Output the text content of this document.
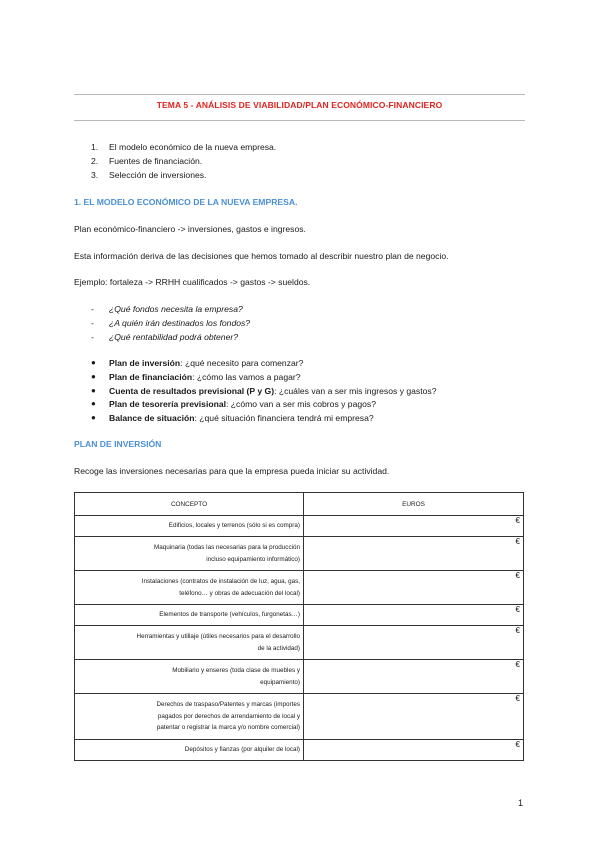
TEMA 5 - ANÁLISIS DE VIABILIDAD/PLAN ECONÓMICO-FINANCIERO
1. El modelo económico de la nueva empresa.
2. Fuentes de financiación.
3. Selección de inversiones.
1. EL MODELO ECONÓMICO DE LA NUEVA EMPRESA.
Plan económico-financiero -> inversiones, gastos e ingresos.
Esta información deriva de las decisiones que hemos tomado al describir nuestro plan de negocio.
Ejemplo: fortaleza -> RRHH cualificados -> gastos -> sueldos.
- ¿Qué fondos necesita la empresa?
- ¿A quién irán destinados los fondos?
- ¿Qué rentabilidad podrá obtener?
● Plan de inversión: ¿qué necesito para comenzar?
● Plan de financiación: ¿cómo las vamos a pagar?
● Cuenta de resultados previsional (P y G): ¿cuáles van a ser mis ingresos y gastos?
● Plan de tesorería previsional: ¿cómo van a ser mis cobros y pagos?
● Balance de situación: ¿qué situación financiera tendrá mi empresa?
PLAN DE INVERSIÓN
Recoge las inversiones necesarias para que la empresa pueda iniciar su actividad.
CONCEPTO	EUROS

Edificios, locales y terrenos (sólo si es compra)	€

Maquinaria (todas las necesarias para la producción
incluso equipamiento informático)	€

Instalaciones (contratos de instalación de luz, agua, gas,
teléfono… y obras de adecuación del local)	€

Elementos de transporte (vehículos, furgonetas…)	€

Herramientas y utillaje (útiles necesarios para el desarrollo
de la actividad)	€

Mobiliario y enseres (toda clase de muebles y
equipamiento)	€

Derechos de traspaso/Patentes y marcas (importes
pagados por derechos de arrendamiento de local y
patentar o registrar la marca y/o nombre comercial)	€

Depósitos y fianzas (por alquiler de local)	€
1
